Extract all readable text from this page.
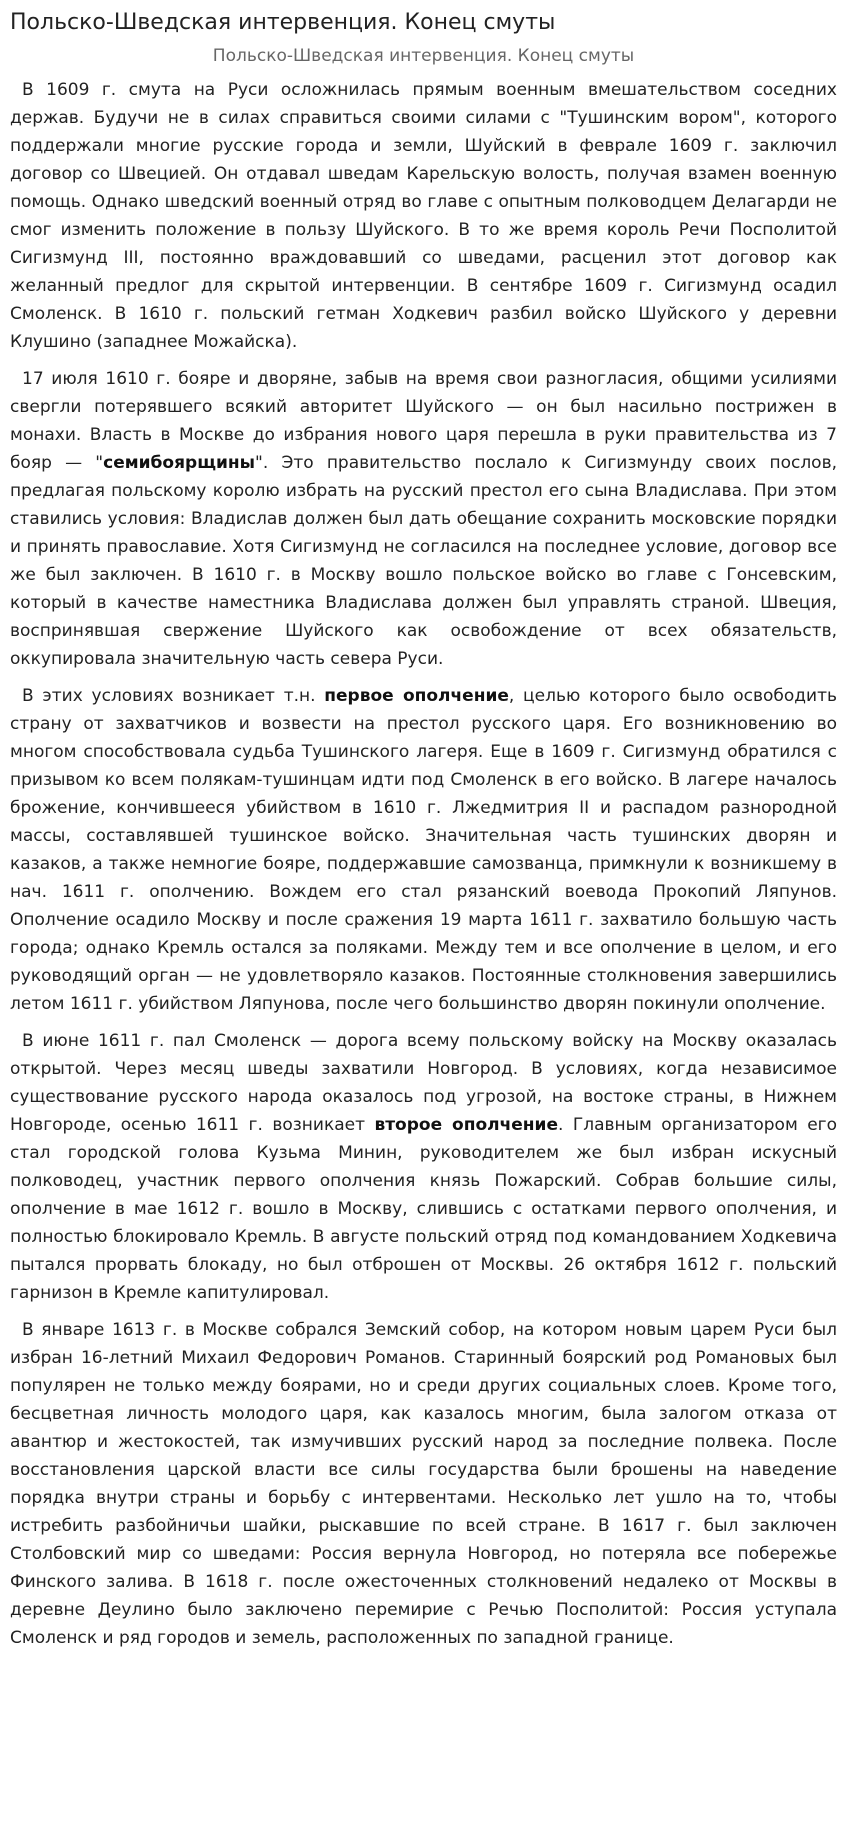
Польско-Шведская интервенция. Конец смуты
Польско-Шведская интервенция. Конец смуты

В 1609 г. смута на Руси осложнилась прямым военным вмешательством соседних держав. Будучи не в силах справиться своими силами с "Тушинским вором", которого поддержали многие русские города и земли, Шуйский в феврале 1609 г. заключил договор со Швецией. Он отдавал шведам Карельскую волость, получая взамен военную помощь. Однако шведский военный отряд во главе с опытным полководцем Делагарди не смог изменить положение в пользу Шуйского. В то же время король Речи Посполитой Сигизмунд III, постоянно враждовавший со шведами, расценил этот договор как желанный предлог для скрытой интервенции. В сентябре 1609 г. Сигизмунд осадил Смоленск. В 1610 г. польский гетман Ходкевич разбил войско Шуйского у деревни Клушино (западнее Можайска).

17 июля 1610 г. бояре и дворяне, забыв на время свои разногласия, общими усилиями свергли потерявшего всякий авторитет Шуйского — он был насильно пострижен в монахи. Власть в Москве до избрания нового царя перешла в руки правительства из 7 бояр — "семибоярщины". Это правительство послало к Сигизмунду своих послов, предлагая польскому королю избрать на русский престол его сына Владислава. При этом ставились условия: Владислав должен был дать обещание сохранить московские порядки и принять православие. Хотя Сигизмунд не согласился на последнее условие, договор все же был заключен. В 1610 г. в Москву вошло польское войско во главе с Гонсевским, который в качестве наместника Владислава должен был управлять страной. Швеция, воспринявшая свержение Шуйского как освобождение от всех обязательств, оккупировала значительную часть севера Руси.

В этих условиях возникает т.н. первое ополчение, целью которого было освободить страну от захватчиков и возвести на престол русского царя. Его возникновению во многом способствовала судьба Тушинского лагеря. Еще в 1609 г. Сигизмунд обратился с призывом ко всем полякам-тушинцам идти под Смоленск в его войско. В лагере началось брожение, кончившееся убийством в 1610 г. Лжедмитрия II и распадом разнородной массы, составлявшей тушинское войско. Значительная часть тушинских дворян и казаков, а также немногие бояре, поддержавшие самозванца, примкнули к возникшему в нач. 1611 г. ополчению. Вождем его стал рязанский воевода Прокопий Ляпунов. Ополчение осадило Москву и после сражения 19 марта 1611 г. захватило большую часть города; однако Кремль остался за поляками. Между тем и все ополчение в целом, и его руководящий орган — не удовлетворяло казаков. Постоянные столкновения завершились летом 1611 г. убийством Ляпунова, после чего большинство дворян покинули ополчение.

В июне 1611 г. пал Смоленск — дорога всему польскому войску на Москву оказалась открытой. Через месяц шведы захватили Новгород. В условиях, когда независимое существование русского народа оказалось под угрозой, на востоке страны, в Нижнем Новгороде, осенью 1611 г. возникает второе ополчение. Главным организатором его стал городской голова Кузьма Минин, руководителем же был избран искусный полководец, участник первого ополчения князь Пожарский. Собрав большие силы, ополчение в мае 1612 г. вошло в Москву, слившись с остатками первого ополчения, и полностью блокировало Кремль. В августе польский отряд под командованием Ходкевича пытался прорвать блокаду, но был отброшен от Москвы. 26 октября 1612 г. польский гарнизон в Кремле капитулировал.

В январе 1613 г. в Москве собрался Земский собор, на котором новым царем Руси был избран 16-летний Михаил Федорович Романов. Старинный боярский род Романовых был популярен не только между боярами, но и среди других социальных слоев. Кроме того, бесцветная личность молодого царя, как казалось многим, была залогом отказа от авантюр и жестокостей, так измучивших русский народ за последние полвека. После восстановления царской власти все силы государства были брошены на наведение порядка внутри страны и борьбу с интервентами. Несколько лет ушло на то, чтобы истребить разбойничьи шайки, рыскавшие по всей стране. В 1617 г. был заключен Столбовский мир со шведами: Россия вернула Новгород, но потеряла все побережье Финского залива. В 1618 г. после ожесточенных столкновений недалеко от Москвы в деревне Деулино было заключено перемирие с Речью Посполитой: Россия уступала Смоленск и ряд городов и земель, расположенных по западной границе.
